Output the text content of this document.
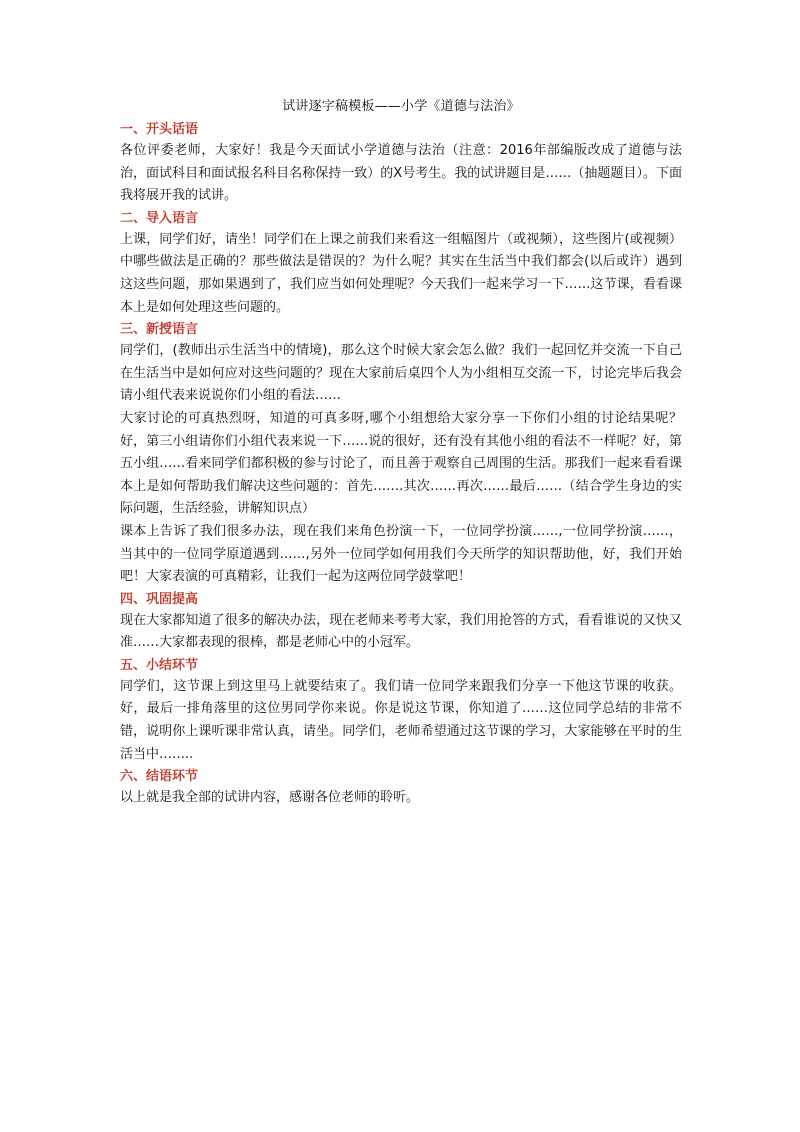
试讲逐字稿模板——小学《道德与法治》
一、开头话语

各位评委老师，大家好！我是今天面试小学道德与法治（注意：2016年部编版改成了道德与法治，面试科目和面试报名科目名称保持一致）的X号考生。我的试讲题目是……（抽题题目）。下面我将展开我的试讲。

二、导入语言

上课，同学们好，请坐！同学们在上课之前我们来看这一组幅图片（或视频），这些图片(或视频）中哪些做法是正确的？那些做法是错误的？为什么呢？其实在生活当中我们都会(以后或许）遇到这这些问题，那如果遇到了，我们应当如何处理呢？今天我们一起来学习一下……这节课，看看课本上是如何处理这些问题的。

三、新授语言

同学们，(教师出示生活当中的情境)，那么这个时候大家会怎么做？我们一起回忆并交流一下自己在生活当中是如何应对这些问题的？现在大家前后桌四个人为小组相互交流一下，讨论完毕后我会请小组代表来说说你们小组的看法……

大家讨论的可真热烈呀，知道的可真多呀,哪个小组想给大家分享一下你们小组的讨论结果呢？好，第三小组请你们小组代表来说一下……说的很好，还有没有其他小组的看法不一样呢？好，第五小组……看来同学们都积极的参与讨论了，而且善于观察自己周围的生活。那我们一起来看看课本上是如何帮助我们解决这些问题的：首先…….其次……再次……最后……（结合学生身边的实际问题，生活经验，讲解知识点）

课本上告诉了我们很多办法，现在我们来角色扮演一下，一位同学扮演……,一位同学扮演……，当其中的一位同学原道遇到……,另外一位同学如何用我们今天所学的知识帮助他，好，我们开始吧！大家表演的可真精彩，让我们一起为这两位同学鼓掌吧！

四、巩固提高

现在大家都知道了很多的解决办法，现在老师来考考大家，我们用抢答的方式，看看谁说的又快又准……大家都表现的很棒，都是老师心中的小冠军。

五、小结环节

同学们，这节课上到这里马上就要结束了。我们请一位同学来跟我们分享一下他这节课的收获。好，最后一排角落里的这位男同学你来说。你是说这节课，你知道了……这位同学总结的非常不错，说明你上课听课非常认真，请坐。同学们，老师希望通过这节课的学习，大家能够在平时的生活当中……..

六、结语环节

以上就是我全部的试讲内容，感谢各位老师的聆听。
